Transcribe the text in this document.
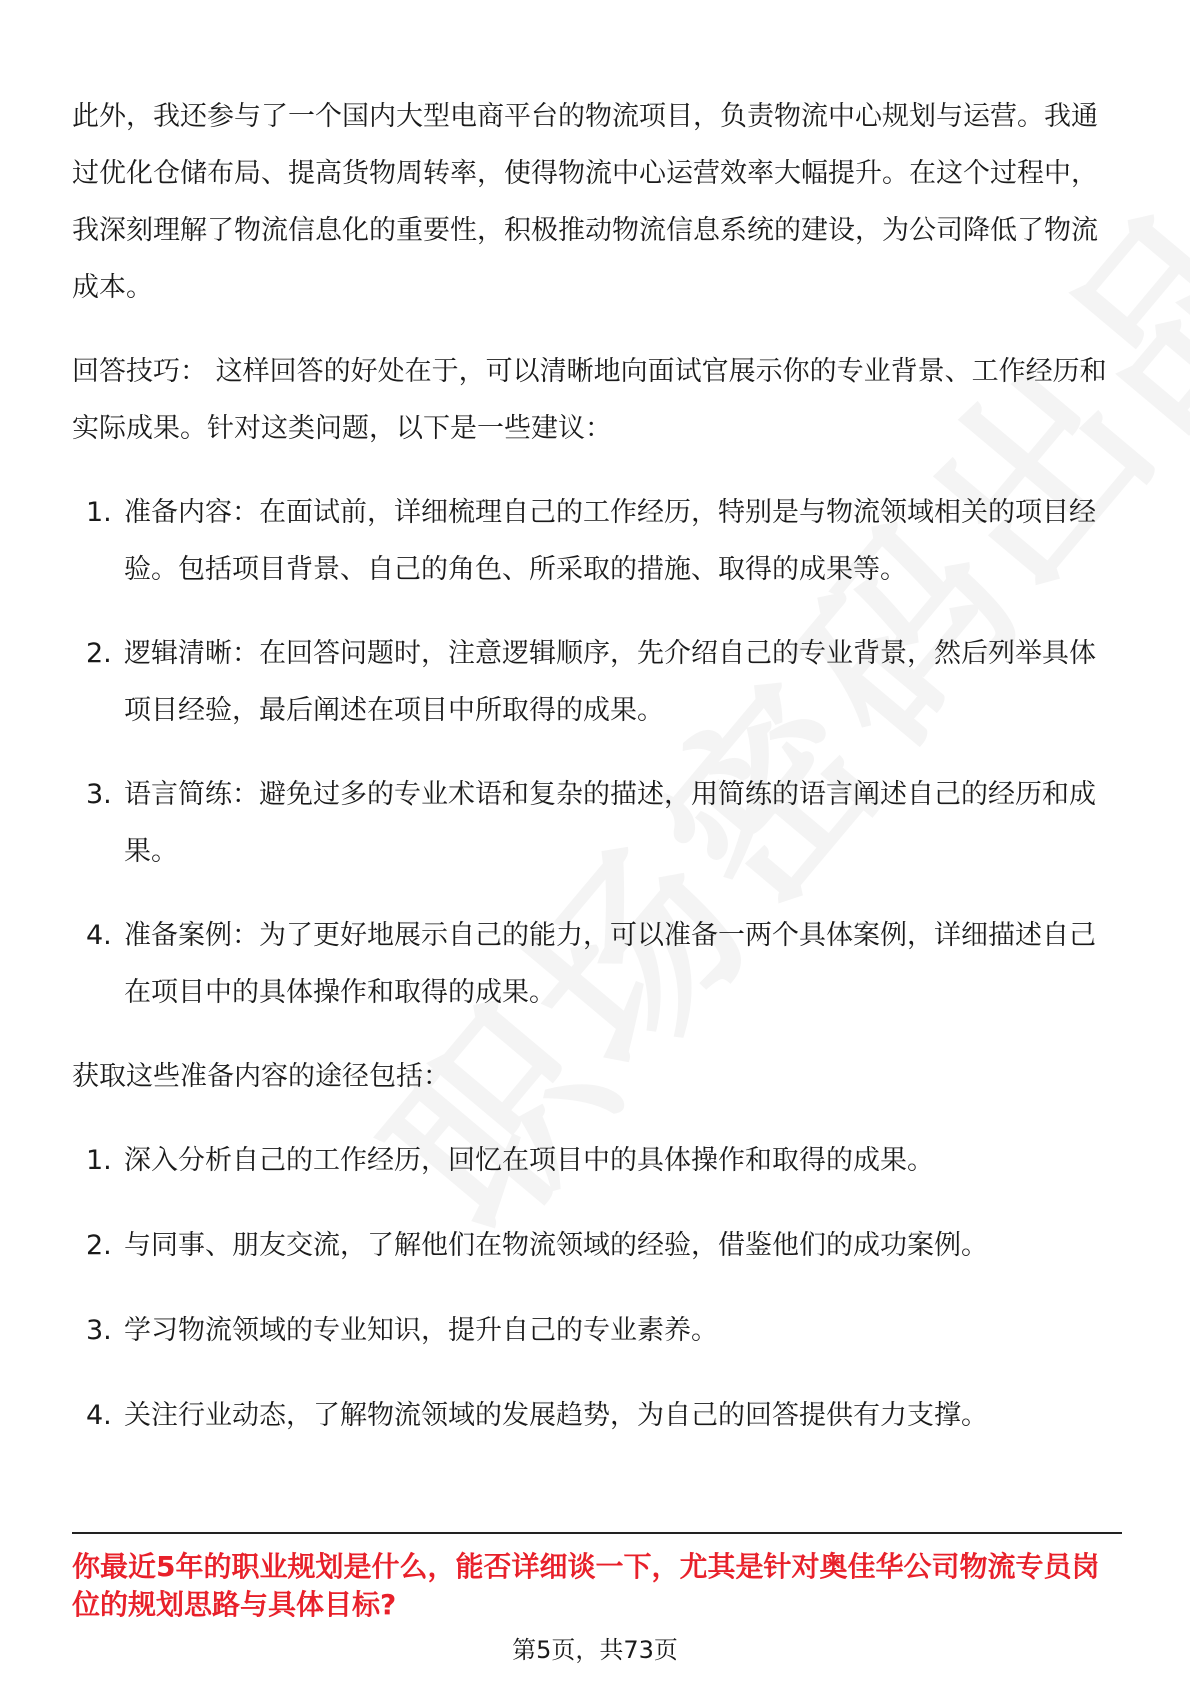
此外，我还参与了一个国内大型电商平台的物流项目，负责物流中心规划与运营。我通过优化仓储布局、提高货物周转率，使得物流中心运营效率大幅提升。在这个过程中，我深刻理解了物流信息化的重要性，积极推动物流信息系统的建设，为公司降低了物流成本。

回答技巧： 这样回答的好处在于，可以清晰地向面试官展示你的专业背景、工作经历和实际成果。针对这类问题，以下是一些建议：

1. 准备内容：在面试前，详细梳理自己的工作经历，特别是与物流领域相关的项目经验。包括项目背景、自己的角色、所采取的措施、取得的成果等。
2. 逻辑清晰：在回答问题时，注意逻辑顺序，先介绍自己的专业背景，然后列举具体项目经验，最后阐述在项目中所取得的成果。
3. 语言简练：避免过多的专业术语和复杂的描述，用简练的语言阐述自己的经历和成果。
4. 准备案例：为了更好地展示自己的能力，可以准备一两个具体案例，详细描述自己在项目中的具体操作和取得的成果。

获取这些准备内容的途径包括：

1. 深入分析自己的工作经历，回忆在项目中的具体操作和取得的成果。
2. 与同事、朋友交流，了解他们在物流领域的经验，借鉴他们的成功案例。
3. 学习物流领域的专业知识，提升自己的专业素养。
4. 关注行业动态，了解物流领域的发展趋势，为自己的回答提供有力支撑。
你最近5年的职业规划是什么，能否详细谈一下，尤其是针对奥佳华公司物流专员岗位的规划思路与具体目标?
第5页，共73页
